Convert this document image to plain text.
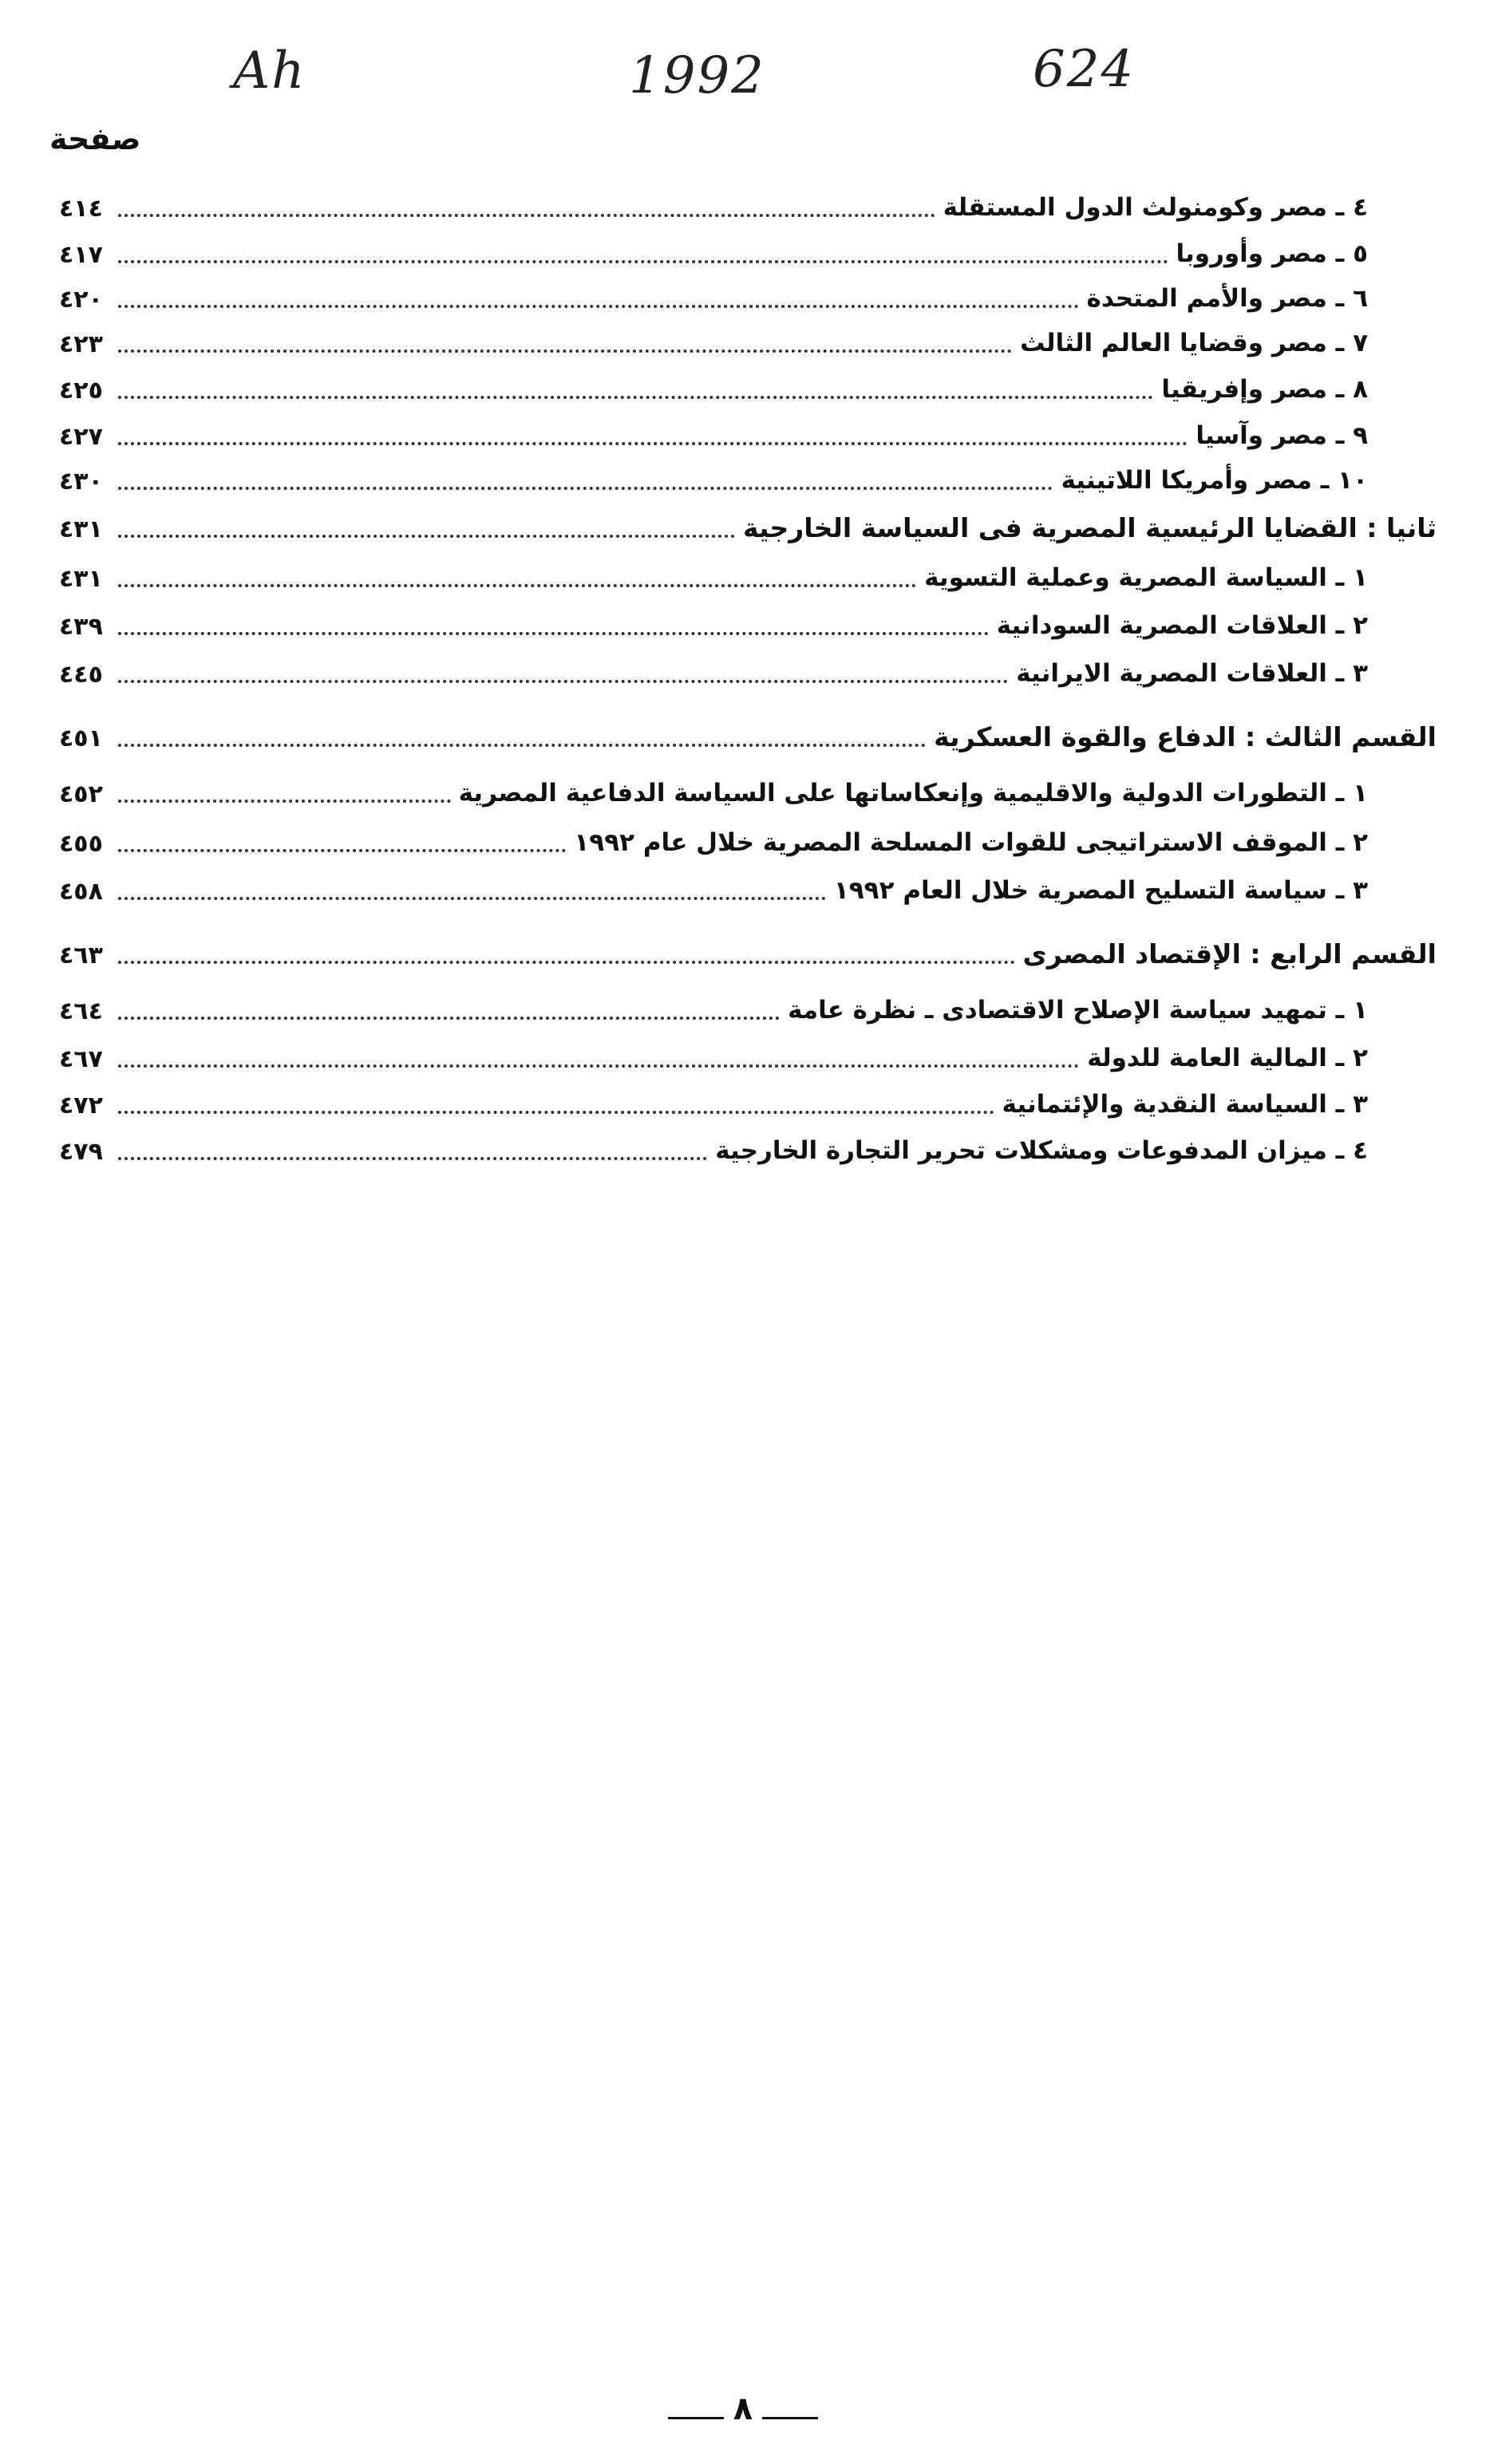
Ah	1992	624
صفحة
٤١٤	٤ ـ مصر وكومنولث الدول المستقلة
٤١٧	٥ ـ مصر وأوروبا
٤٢٠	٦ ـ مصر والأمم المتحدة
٤٢٣	٧ ـ مصر وقضايا العالم الثالث
٤٢٥	٨ ـ مصر وإفريقيا
٤٢٧	٩ ـ مصر وآسيا
٤٣٠	١٠ ـ مصر وأمريكا اللاتينية
٤٣١	ثانيا : القضايا الرئيسية المصرية فى السياسة الخارجية
٤٣١	١ ـ السياسة المصرية وعملية التسوية
٤٣٩	٢ ـ العلاقات المصرية السودانية
٤٤٥	٣ ـ العلاقات المصرية الايرانية
٤٥١	القسم الثالث : الدفاع والقوة العسكرية
٤٥٢	١ ـ التطورات الدولية والاقليمية وإنعكاساتها على السياسة الدفاعية المصرية
٤٥٥	٢ ـ الموقف الاستراتيجى للقوات المسلحة المصرية خلال عام ١٩٩٢
٤٥٨	٣ ـ سياسة التسليح المصرية خلال العام ١٩٩٢
٤٦٣	القسم الرابع : الإقتصاد المصرى
٤٦٤	١ ـ تمهيد سياسة الإصلاح الاقتصادى ـ نظرة عامة
٤٦٧	٢ ـ المالية العامة للدولة
٤٧٢	٣ ـ السياسة النقدية والإئتمانية
٤٧٩	٤ ـ ميزان المدفوعات ومشكلات تحرير التجارة الخارجية
٨
